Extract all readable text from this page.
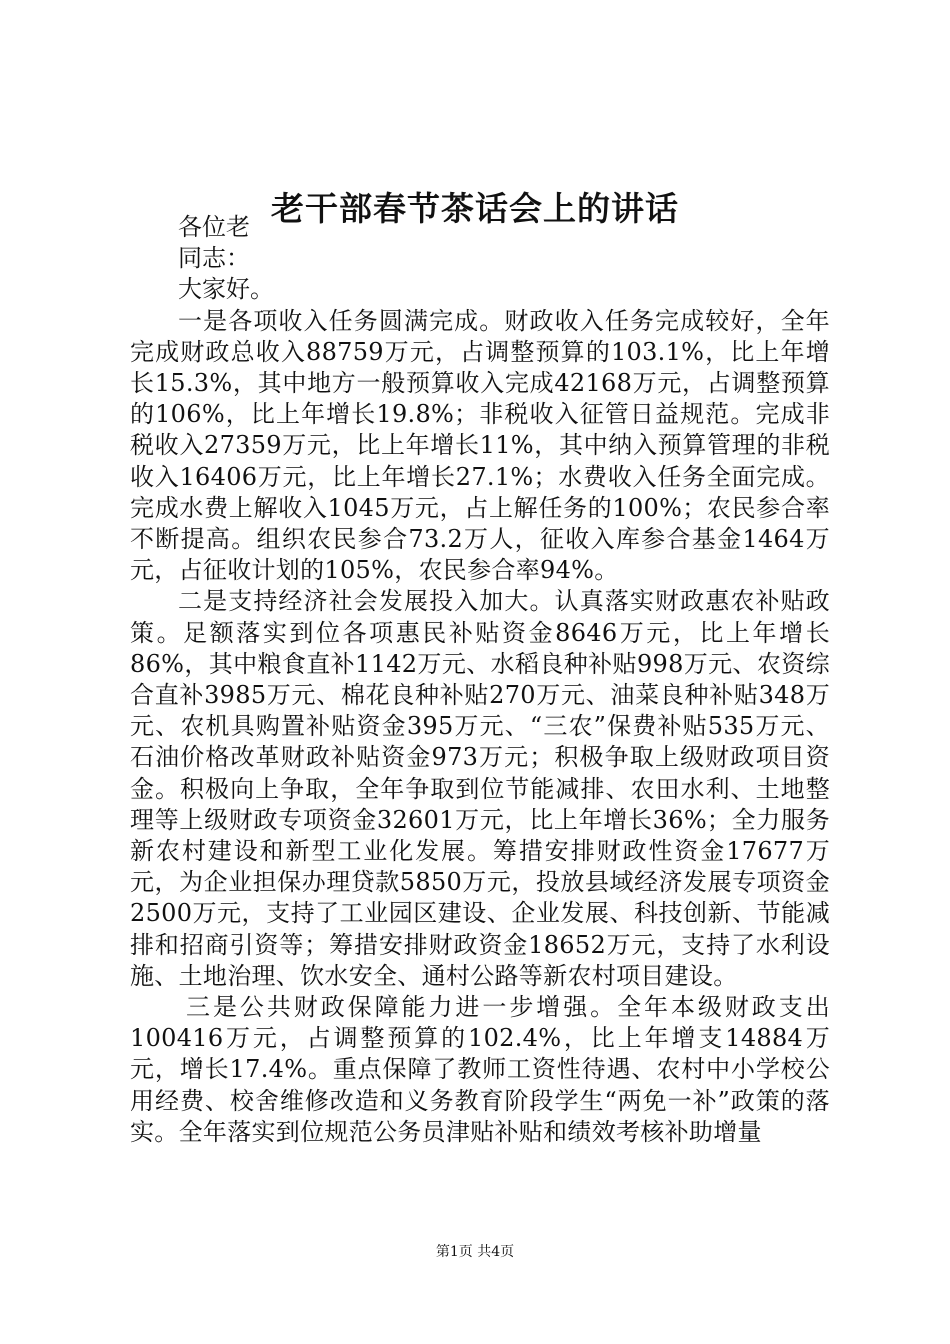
老干部春节茶话会上的讲话
各位老
同志：
大家好。

一是各项收入任务圆满完成。财政收入任务完成较好，全年完成财政总收入88759万元，占调整预算的103.1%，比上年增长15.3%，其中地方一般预算收入完成42168万元，占调整预算的106%，比上年增长19.8%；非税收入征管日益规范。完成非税收入27359万元，比上年增长11%，其中纳入预算管理的非税收入16406万元，比上年增长27.1%；水费收入任务全面完成。完成水费上解收入1045万元，占上解任务的100%；农民参合率不断提高。组织农民参合73.2万人，征收入库参合基金1464万元，占征收计划的105%，农民参合率94%。

二是支持经济社会发展投入加大。认真落实财政惠农补贴政策。足额落实到位各项惠民补贴资金8646万元，比上年增长86%，其中粮食直补1142万元、水稻良种补贴998万元、农资综合直补3985万元、棉花良种补贴270万元、油菜良种补贴348万元、农机具购置补贴资金395万元、“三农”保费补贴535万元、石油价格改革财政补贴资金973万元；积极争取上级财政项目资金。积极向上争取，全年争取到位节能减排、农田水利、土地整理等上级财政专项资金32601万元，比上年增长36%；全力服务新农村建设和新型工业化发展。筹措安排财政性资金17677万元，为企业担保办理贷款5850万元，投放县域经济发展专项资金2500万元，支持了工业园区建设、企业发展、科技创新、节能减排和招商引资等；筹措安排财政资金18652万元，支持了水利设施、土地治理、饮水安全、通村公路等新农村项目建设。

三是公共财政保障能力进一步增强。全年本级财政支出100416万元，占调整预算的102.4%，比上年增支14884万元，增长17.4%。重点保障了教师工资性待遇、农村中小学校公用经费、校舍维修改造和义务教育阶段学生“两免一补”政策的落实。全年落实到位规范公务员津贴补贴和绩效考核补助增量

第1页 共4页
